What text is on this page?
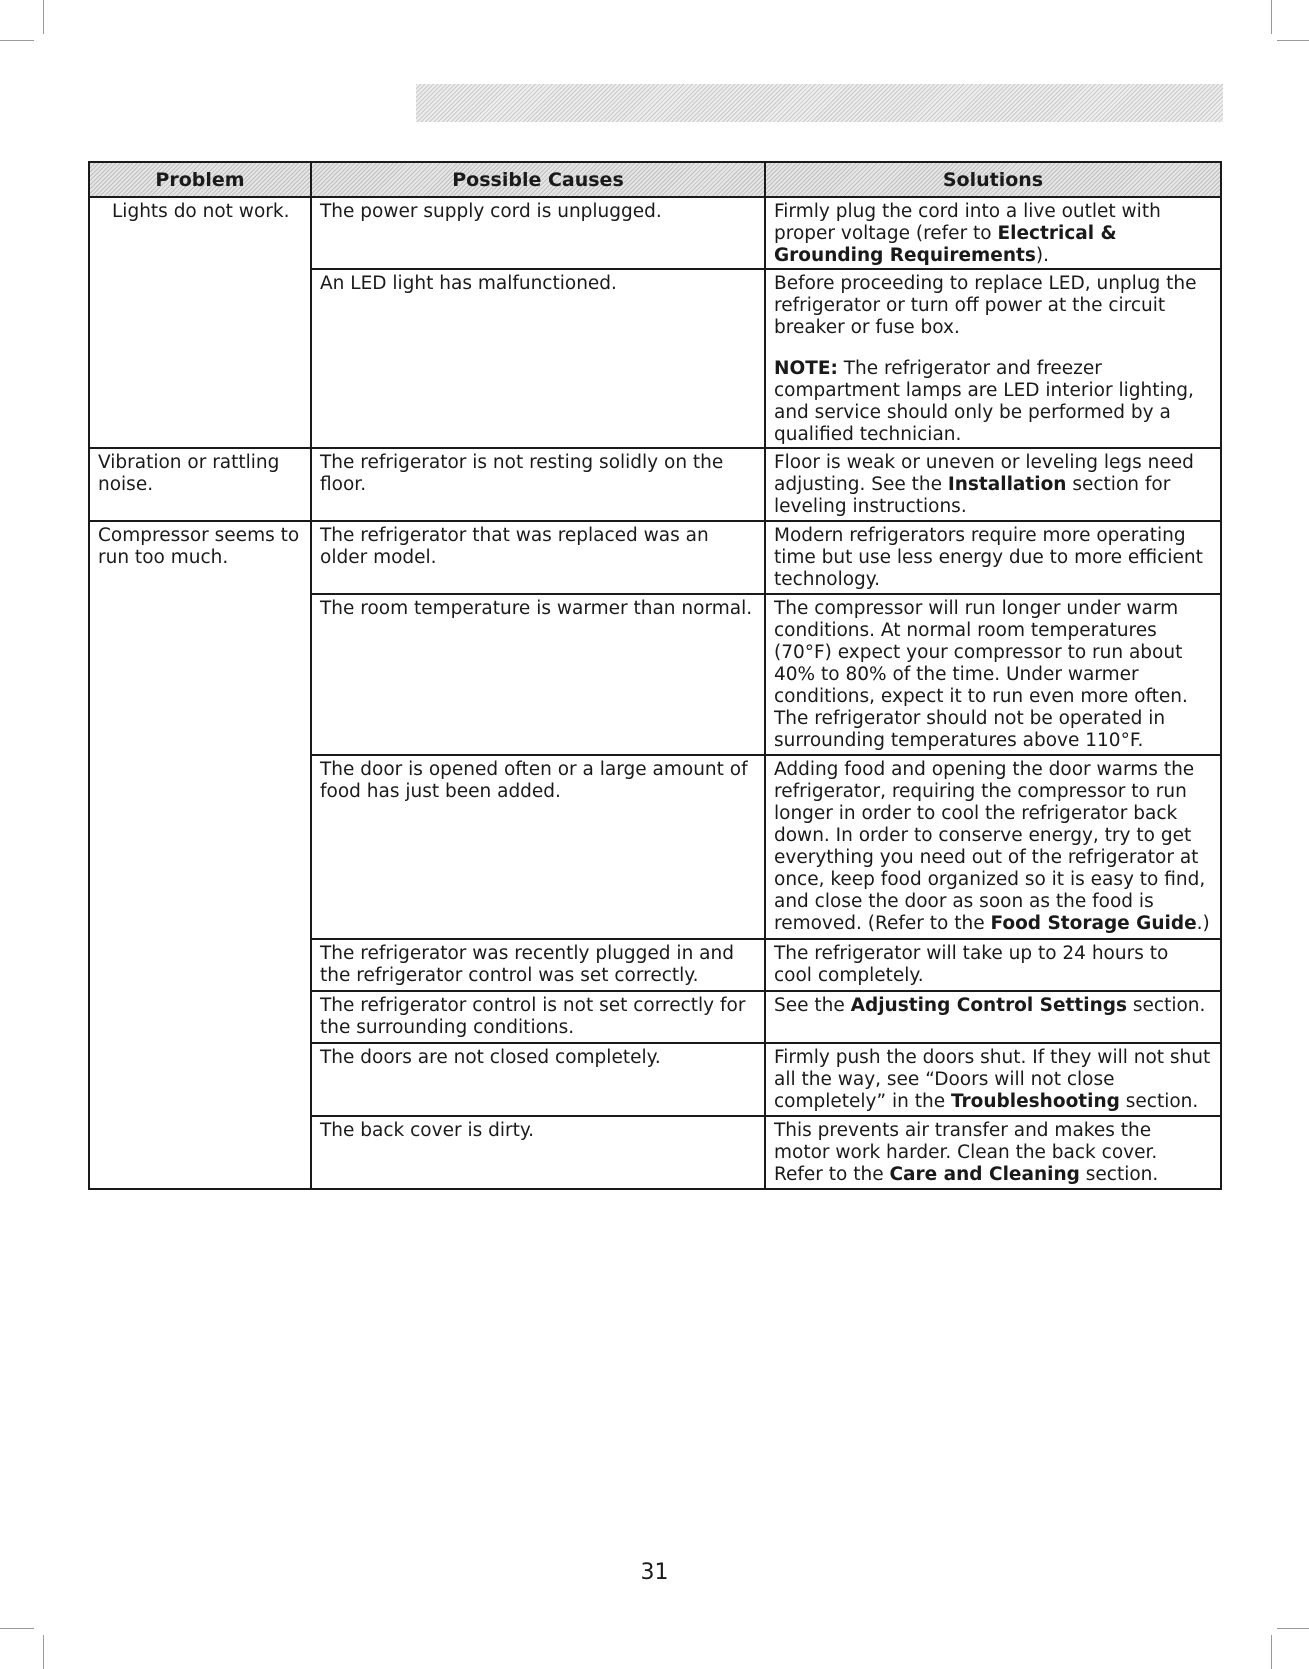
Problem	Possible Causes	Solutions
Lights do not work.	The power supply cord is unplugged.	Firmly plug the cord into a live outlet with proper voltage (refer to Electrical & Grounding Requirements).

	An LED light has malfunctioned.	Before proceeding to replace LED, unplug the refrigerator or turn off power at the circuit breaker or fuse box.
NOTE: The refrigerator and freezer compartment lamps are LED interior lighting, and service should only be performed by a qualified technician.

Vibration or rattling noise.	The refrigerator is not resting solidly on the floor.	Floor is weak or uneven or leveling legs need adjusting. See the Installation section for leveling instructions.

Compressor seems to run too much.	The refrigerator that was replaced was an older model.	Modern refrigerators require more operating time but use less energy due to more efficient technology.

	The room temperature is warmer than normal.	The compressor will run longer under warm conditions. At normal room temperatures (70°F) expect your compressor to run about 40% to 80% of the time. Under warmer conditions, expect it to run even more often. The refrigerator should not be operated in surrounding temperatures above 110°F.

	The door is opened often or a large amount of food has just been added.	Adding food and opening the door warms the refrigerator, requiring the compressor to run longer in order to cool the refrigerator back down. In order to conserve energy, try to get everything you need out of the refrigerator at once, keep food organized so it is easy to find, and close the door as soon as the food is removed. (Refer to the Food Storage Guide.)

	The refrigerator was recently plugged in and the refrigerator control was set correctly.	The refrigerator will take up to 24 hours to cool completely.

	The refrigerator control is not set correctly for the surrounding conditions.	See the Adjusting Control Settings section.

	The doors are not closed completely.	Firmly push the doors shut. If they will not shut all the way, see “Doors will not close completely” in the Troubleshooting section.

	The back cover is dirty.	This prevents air transfer and makes the motor work harder. Clean the back cover. Refer to the Care and Cleaning section.
31
